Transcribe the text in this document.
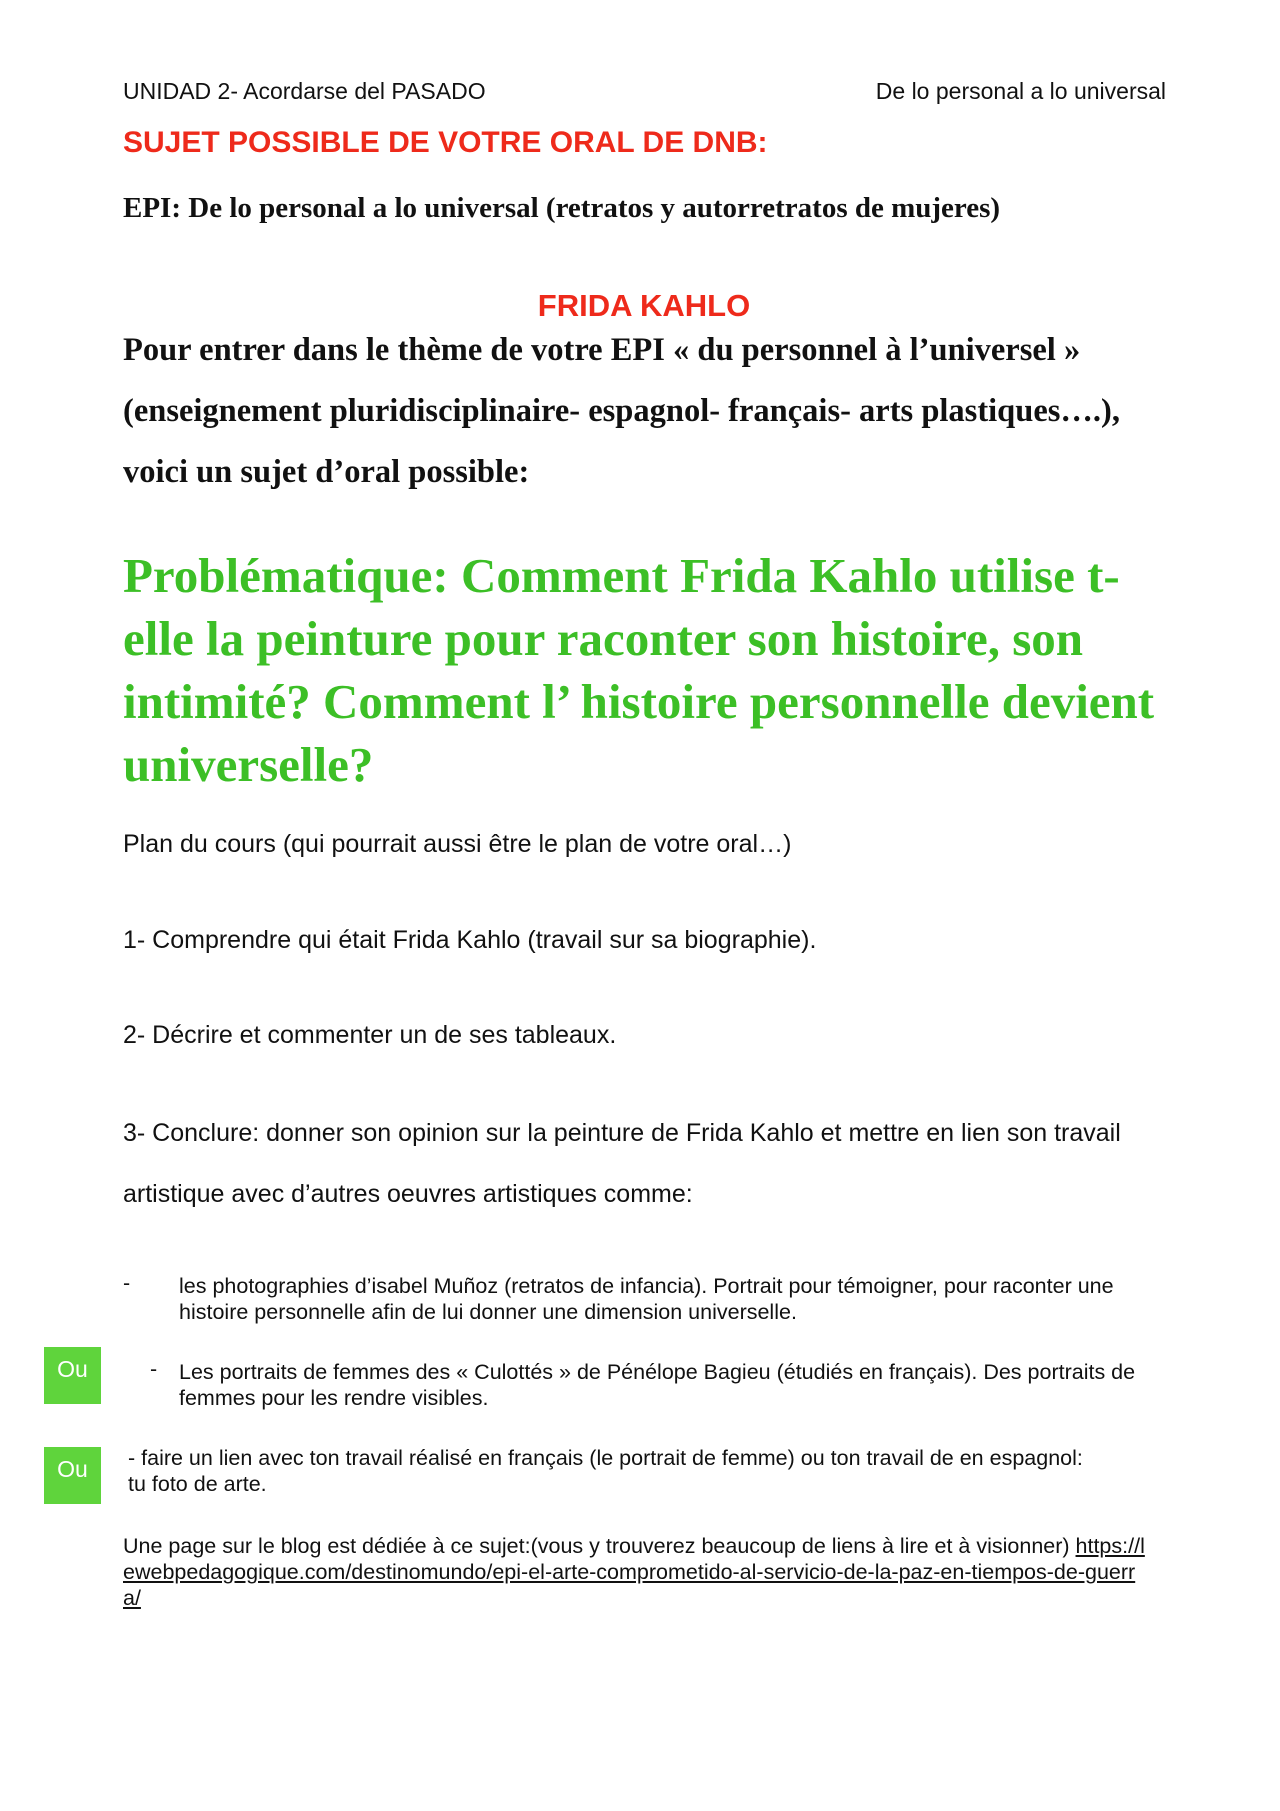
UNIDAD 2- Acordarse del PASADO	De lo personal a lo universal
SUJET POSSIBLE DE VOTRE ORAL DE DNB:
EPI: De lo personal a lo universal (retratos y autorretratos de mujeres)
FRIDA KAHLO
Pour entrer dans le thème de votre EPI « du personnel à l’universel » (enseignement pluridisciplinaire- espagnol- français- arts plastiques….), voici un sujet d’oral possible:
Problématique: Comment Frida Kahlo utilise t-elle la peinture pour raconter son histoire, son intimité? Comment l’ histoire personnelle devient universelle?
Plan du cours (qui pourrait aussi être le plan de votre oral…)
1- Comprendre qui était Frida Kahlo (travail sur sa biographie).
2- Décrire et commenter un de ses tableaux.
3- Conclure: donner son opinion sur la peinture de Frida Kahlo et mettre en lien son travail artistique avec d’autres oeuvres artistiques comme:
- les photographies d’isabel Muñoz (retratos de infancia). Portrait pour témoigner, pour raconter une histoire personnelle afin de lui donner une dimension universelle.
Ou	- Les portraits de femmes des « Culottés » de Pénélope Bagieu (étudiés en français). Des portraits de femmes pour les rendre visibles.
Ou	- faire un lien avec ton travail réalisé en français (le portrait de femme) ou ton travail de en espagnol: tu foto de arte.
Une page sur le blog est dédiée à ce sujet:(vous y trouverez beaucoup de liens à lire et à visionner) https://lewebpedagogique.com/destinomundo/epi-el-arte-comprometido-al-servicio-de-la-paz-en-tiempos-de-guerra/
